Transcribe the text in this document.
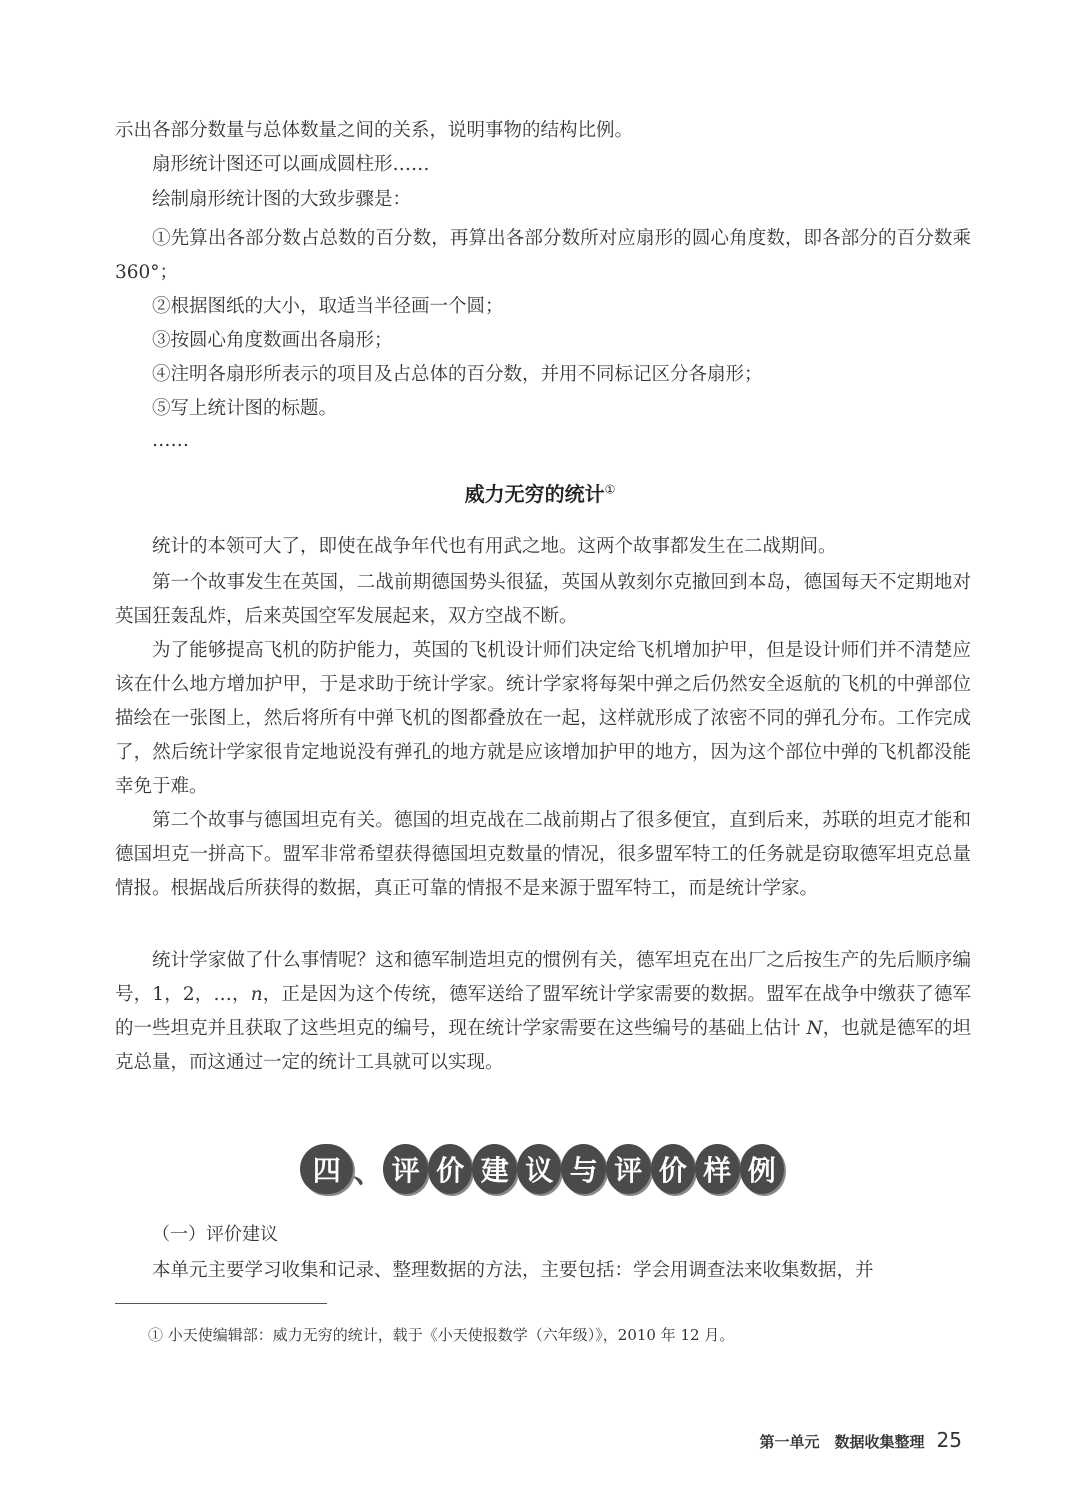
示出各部分数量与总体数量之间的关系，说明事物的结构比例。

扇形统计图还可以画成圆柱形……

绘制扇形统计图的大致步骤是：

①先算出各部分数占总数的百分数，再算出各部分数所对应扇形的圆心角度数，即各部分的百分数乘 360°；

②根据图纸的大小，取适当半径画一个圆；

③按圆心角度数画出各扇形；

④注明各扇形所表示的项目及占总体的百分数，并用不同标记区分各扇形；

⑤写上统计图的标题。

……

威力无穷的统计①

统计的本领可大了，即使在战争年代也有用武之地。这两个故事都发生在二战期间。

第一个故事发生在英国，二战前期德国势头很猛，英国从敦刻尔克撤回到本岛，德国每天不定期地对英国狂轰乱炸，后来英国空军发展起来，双方空战不断。

为了能够提高飞机的防护能力，英国的飞机设计师们决定给飞机增加护甲，但是设计师们并不清楚应该在什么地方增加护甲，于是求助于统计学家。统计学家将每架中弹之后仍然安全返航的飞机的中弹部位描绘在一张图上，然后将所有中弹飞机的图都叠放在一起，这样就形成了浓密不同的弹孔分布。工作完成了，然后统计学家很肯定地说没有弹孔的地方就是应该增加护甲的地方，因为这个部位中弹的飞机都没能幸免于难。

第二个故事与德国坦克有关。德国的坦克战在二战前期占了很多便宜，直到后来，苏联的坦克才能和德国坦克一拼高下。盟军非常希望获得德国坦克数量的情况，很多盟军特工的任务就是窃取德军坦克总量情报。根据战后所获得的数据，真正可靠的情报不是来源于盟军特工，而是统计学家。

统计学家做了什么事情呢？这和德军制造坦克的惯例有关，德军坦克在出厂之后按生产的先后顺序编号，1，2，…，n，正是因为这个传统，德军送给了盟军统计学家需要的数据。盟军在战争中缴获了德军的一些坦克并且获取了这些坦克的编号，现在统计学家需要在这些编号的基础上估计 N，也就是德军的坦克总量，而这通过一定的统计工具就可以实现。

四 、 评 价 建 议 与 评 价 样 例
（一）评价建议

本单元主要学习收集和记录、整理数据的方法，主要包括：学会用调查法来收集数据，并

① 小天使编辑部：威力无穷的统计，载于《小天使报数学（六年级）》，2010 年 12 月。
第一单元　数据收集整理 25
